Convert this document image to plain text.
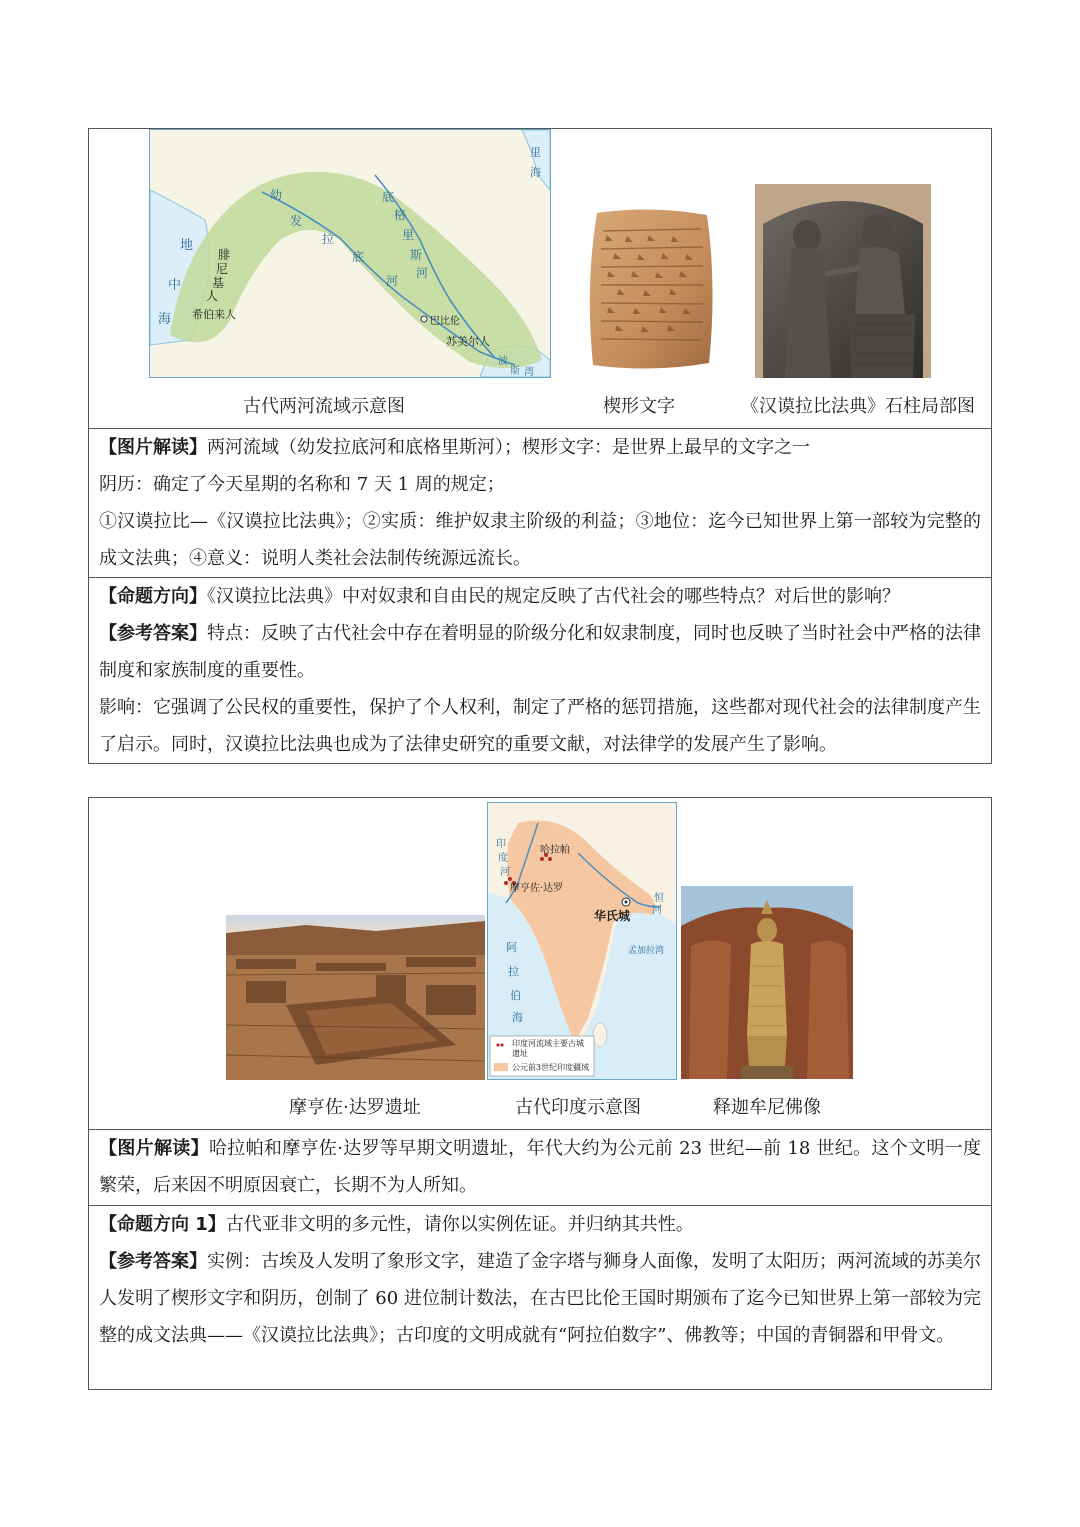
地
中
海
腓
尼
基
人
希伯来人
幼
发
拉
底
河
底
格
里
斯
河
巴比伦
苏美尔人
里
海
波
斯 湾
古代两河流域示意图	楔形文字	《汉谟拉比法典》石柱局部图

【图片解读】两河流域（幼发拉底河和底格里斯河）；楔形文字：是世界上最早的文字之一

阴历：确定了今天星期的名称和 7 天 1 周的规定；

①汉谟拉比—《汉谟拉比法典》；②实质：维护奴隶主阶级的利益；③地位：迄今已知世界上第一部较为完整的成文法典；④意义：说明人类社会法制传统源远流长。

【命题方向】《汉谟拉比法典》中对奴隶和自由民的规定反映了古代社会的哪些特点？对后世的影响？

【参考答案】特点：反映了古代社会中存在着明显的阶级分化和奴隶制度，同时也反映了当时社会中严格的法律制度和家族制度的重要性。

影响：它强调了公民权的重要性，保护了个人权利，制定了严格的惩罚措施，这些都对现代社会的法律制度产生了启示。同时，汉谟拉比法典也成为了法律史研究的重要文献，对法律学的发展产生了影响。

哈拉帕
摩亨佐·达罗
华氏城
印
度
河
恒
河
阿
拉
伯
海
孟加拉湾
印度河流域主要古城遗址
公元前3世纪印度疆域
摩亨佐·达罗遗址	古代印度示意图	释迦牟尼佛像

【图片解读】哈拉帕和摩亨佐·达罗等早期文明遗址，年代大约为公元前 23 世纪—前 18 世纪。这个文明一度繁荣，后来因不明原因衰亡，长期不为人所知。

【命题方向 1】古代亚非文明的多元性，请你以实例佐证。并归纳其共性。

【参考答案】实例：古埃及人发明了象形文字，建造了金字塔与狮身人面像，发明了太阳历；两河流域的苏美尔人发明了楔形文字和阴历，创制了 60 进位制计数法，在古巴比伦王国时期颁布了迄今已知世界上第一部较为完整的成文法典——《汉谟拉比法典》；古印度的文明成就有“阿拉伯数字”、佛教等；中国的青铜器和甲骨文。
